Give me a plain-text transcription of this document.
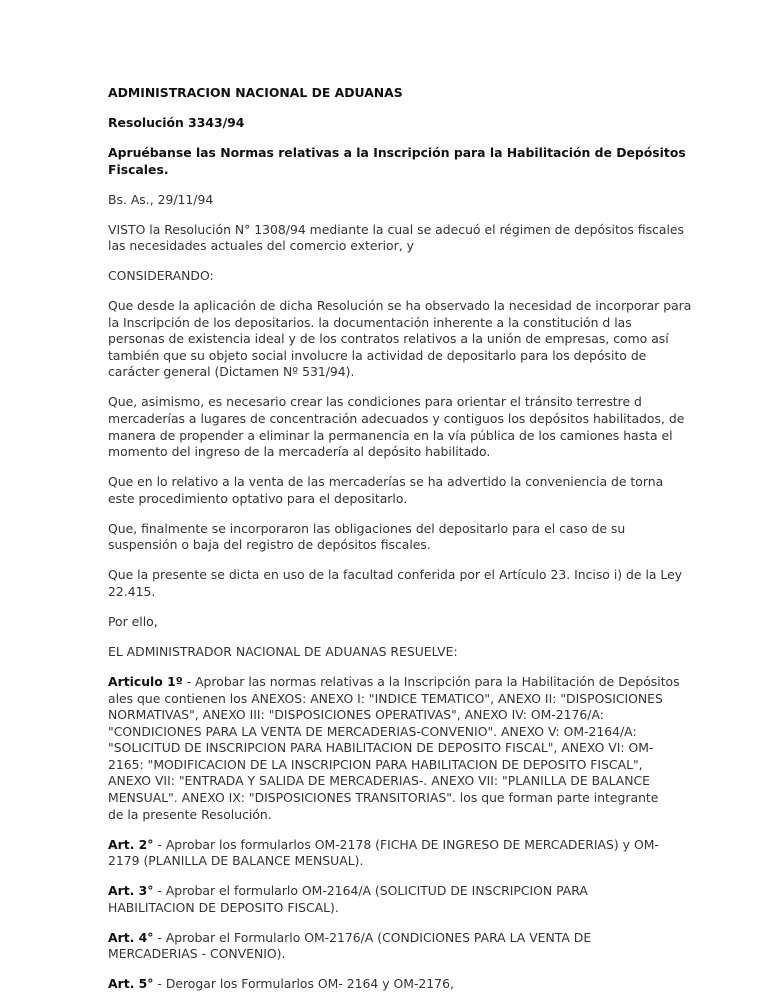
ADMINISTRACION NACIONAL DE ADUANAS

Resolución 3343/94

Apruébanse las Normas relativas a la Inscripción para la Habilitación de Depósitos
Fiscales.

Bs. As., 29/11/94

VISTO la Resolución N° 1308/94 mediante la cual se adecuó el régimen de depósitos fiscales
las necesidades actuales del comercio exterior, y

CONSIDERANDO:

Que desde la aplicación de dicha Resolución se ha observado la necesidad de incorporar para
la Inscripción de los depositarios. la documentación inherente a la constitución d las
personas de existencia ideal y de los contratos relativos a la unión de empresas, como así
también que su objeto social involucre la actividad de depositarlo para los depósito de
carácter general (Dictamen Nº 531/94).

Que, asimismo, es necesario crear las condiciones para orientar el tránsito terrestre d
mercaderías a lugares de concentración adecuados y contiguos los depósitos habilitados, de
manera de propender a eliminar la permanencia en la vía pública de los camiones hasta el
momento del ingreso de la mercadería al depósito habilitado.

Que en lo relativo a la venta de las mercaderías se ha advertido la conveniencia de torna
este procedimiento optativo para el depositarlo.

Que, finalmente se incorporaron las obligaciones del depositarlo para el caso de su
suspensión o baja del registro de depósitos fiscales.

Que la presente se dicta en uso de la facultad conferida por el Artículo 23. Inciso i) de la Ley
22.415.

Por ello,

EL ADMINISTRADOR NACIONAL DE ADUANAS RESUELVE:

Articulo 1º - Aprobar las normas relativas a la Inscripción para la Habilitación de Depósitos
ales que contienen los ANEXOS: ANEXO I: "INDICE TEMATICO", ANEXO II: "DISPOSICIONES
NORMATIVAS", ANEXO III: "DISPOSICIONES OPERATIVAS", ANEXO IV: OM-2176/A:
"CONDICIONES PARA LA VENTA DE MERCADERIAS-CONVENIO". ANEXO V: OM-2164/A:
"SOLICITUD DE INSCRIPCION PARA HABILITACION DE DEPOSITO FISCAL", ANEXO VI: OM-
2165: "MODIFICACION DE LA INSCRIPCION PARA HABILITACION DE DEPOSITO FISCAL",
ANEXO VII: "ENTRADA Y SALIDA DE MERCADERIAS-. ANEXO VII: "PLANILLA DE BALANCE
MENSUAL". ANEXO IX: "DISPOSICIONES TRANSITORIAS". los que forman parte integrante
de la presente Resolución.

Art. 2° - Aprobar los formularlos OM-2178 (FICHA DE INGRESO DE MERCADERIAS) y OM-
2179 (PLANILLA DE BALANCE MENSUAL).

Art. 3° - Aprobar el formularlo OM-2164/A (SOLICITUD DE INSCRIPCION PARA
HABILITACION DE DEPOSITO FISCAL).

Art. 4° - Aprobar el Formularlo OM-2176/A (CONDICIONES PARA LA VENTA DE
MERCADERIAS - CONVENIO).

Art. 5° - Derogar los Formularlos OM- 2164 y OM-2176,
